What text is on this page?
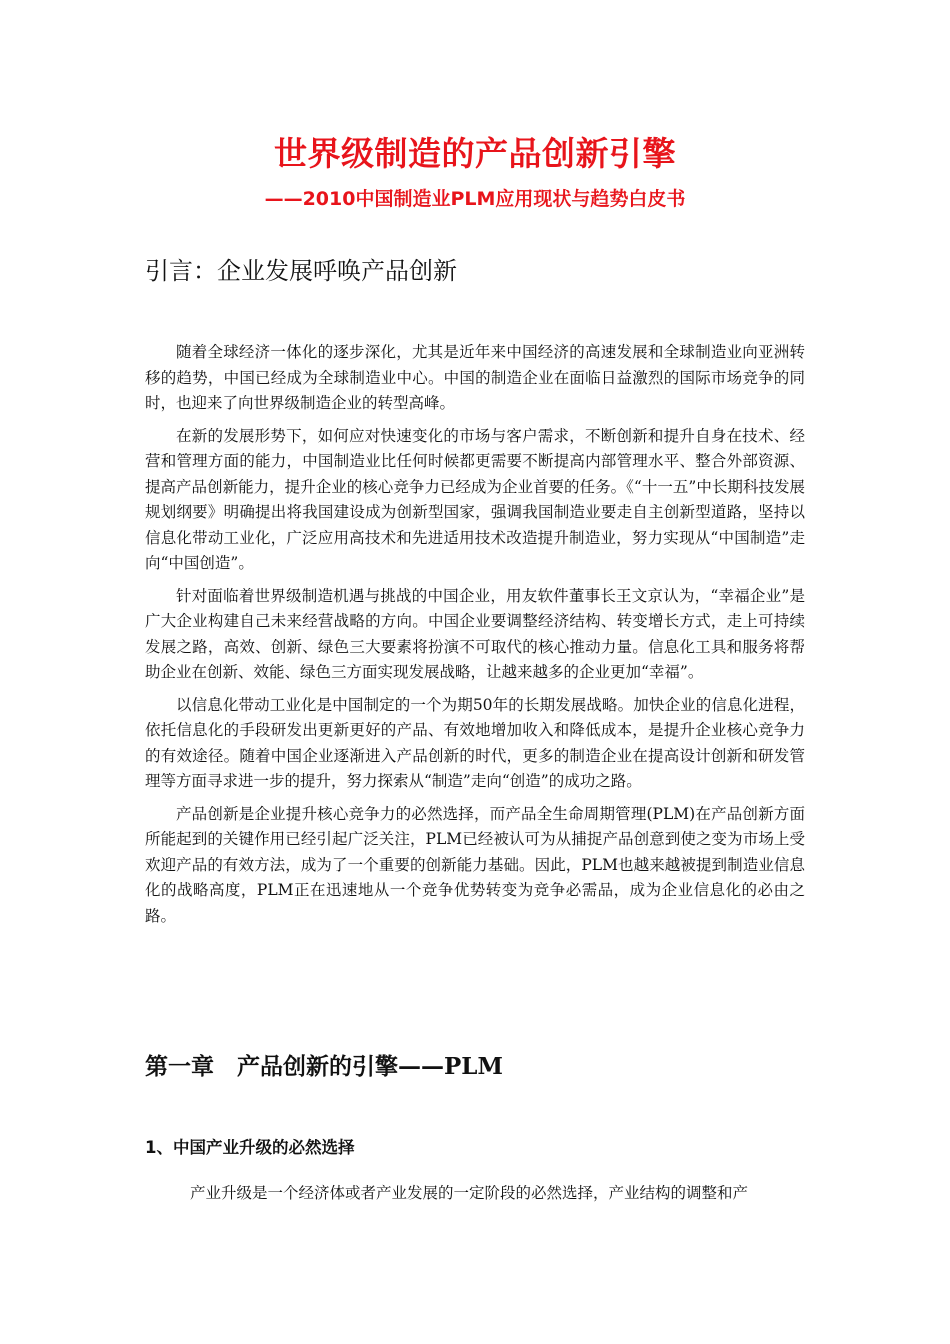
世界级制造的产品创新引擎
——2010中国制造业PLM应用现状与趋势白皮书
引言：企业发展呼唤产品创新

随着全球经济一体化的逐步深化，尤其是近年来中国经济的高速发展和全球制造业向亚洲转移的趋势，中国已经成为全球制造业中心。中国的制造企业在面临日益激烈的国际市场竞争的同时，也迎来了向世界级制造企业的转型高峰。

在新的发展形势下，如何应对快速变化的市场与客户需求，不断创新和提升自身在技术、经营和管理方面的能力，中国制造业比任何时候都更需要不断提高内部管理水平、整合外部资源、提高产品创新能力，提升企业的核心竞争力已经成为企业首要的任务。《“十一五”中长期科技发展规划纲要》明确提出将我国建设成为创新型国家，强调我国制造业要走自主创新型道路，坚持以信息化带动工业化，广泛应用高技术和先进适用技术改造提升制造业，努力实现从“中国制造”走向“中国创造”。

针对面临着世界级制造机遇与挑战的中国企业，用友软件董事长王文京认为，“幸福企业”是广大企业构建自己未来经营战略的方向。中国企业要调整经济结构、转变增长方式，走上可持续发展之路，高效、创新、绿色三大要素将扮演不可取代的核心推动力量。信息化工具和服务将帮助企业在创新、效能、绿色三方面实现发展战略，让越来越多的企业更加“幸福”。

以信息化带动工业化是中国制定的一个为期50年的长期发展战略。加快企业的信息化进程，依托信息化的手段研发出更新更好的产品、有效地增加收入和降低成本，是提升企业核心竞争力的有效途径。随着中国企业逐渐进入产品创新的时代，更多的制造企业在提高设计创新和研发管理等方面寻求进一步的提升，努力探索从“制造”走向“创造”的成功之路。

产品创新是企业提升核心竞争力的必然选择，而产品全生命周期管理(PLM)在产品创新方面所能起到的关键作用已经引起广泛关注，PLM已经被认可为从捕捉产品创意到使之变为市场上受欢迎产品的有效方法，成为了一个重要的创新能力基础。因此，PLM也越来越被提到制造业信息化的战略高度，PLM正在迅速地从一个竞争优势转变为竞争必需品，成为企业信息化的必由之路。

第一章　产品创新的引擎——PLM
1、中国产业升级的必然选择
产业升级是一个经济体或者产业发展的一定阶段的必然选择，产业结构的调整和产
